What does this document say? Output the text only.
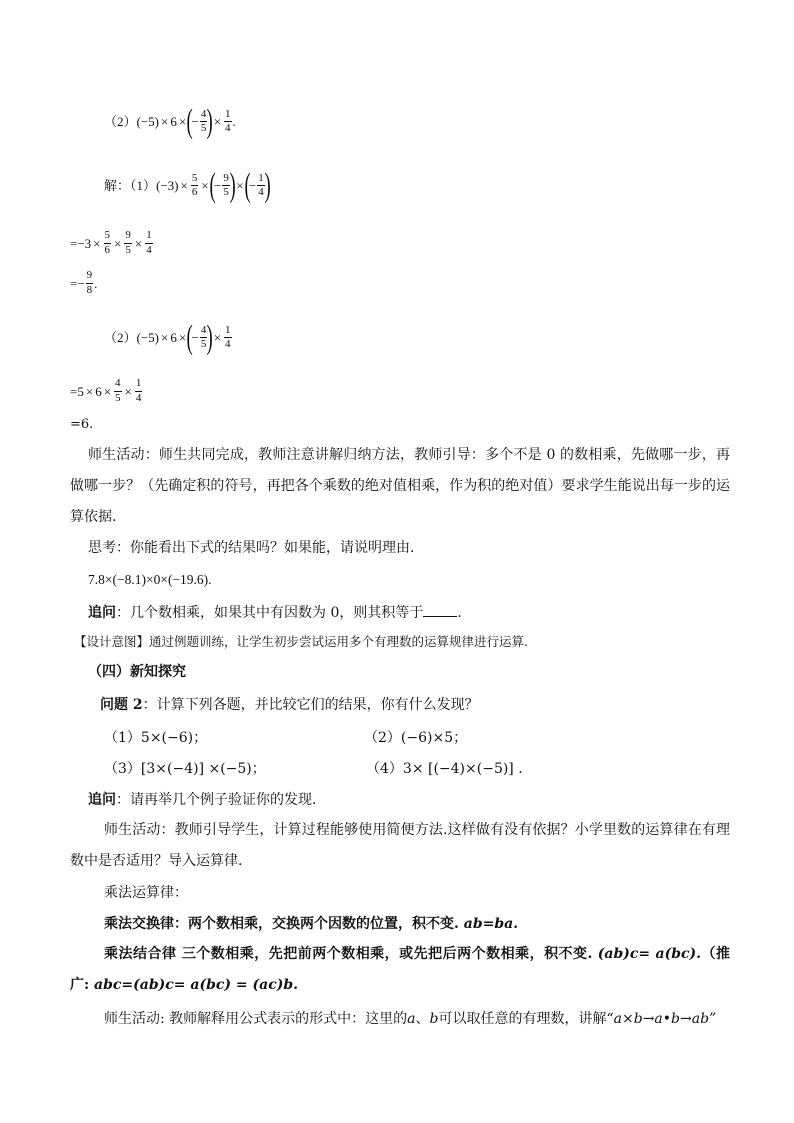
（2） (−5) × 6 × (
− $\frac{4}{5}$ ) × $\frac{1}{4}$ .
解：（1） $(-3) \times \frac{5}{6}$ × (
− $\frac{9}{5}$ ) × (
− $\frac{1}{4}$ )
$=-3 \times \frac{5}{6} \times \frac{9}{5} \times \frac{1}{4}$
=− $\frac{9}{8}$ .
（2） (−5) × 6 × (
− $\frac{4}{5}$ ) × $\frac{1}{4}$
$=5 \times 6 \times \frac{4}{5} \times \frac{1}{4}$
=6.
师生活动：师生共同完成，教师注意讲解归纳方法，教师引导：多个不是 0 的数相乘，先做哪一步，再做哪一步？（先确定积的符号，再把各个乘数的绝对值相乘，作为积的绝对值）要求学生能说出每一步的运算依据.
思考：你能看出下式的结果吗？如果能，请说明理由.
7.8×(−8.1)×0×(−19.6).
追问：几个数相乘，如果其中有因数为 0，则其积等于 .
【设计意图】通过例题训练，让学生初步尝试运用多个有理数的运算规律进行运算.
（四）新知探究
问题 2：计算下列各题，并比较它们的结果，你有什么发现？
（1）5×(−6)；	（2）(−6)×5；
（3）[3×(−4)] ×(−5)；	（4）3× [(−4)×(−5)] .
追问：请再举几个例子验证你的发现．
师生活动：教师引导学生，计算过程能够使用简便方法.这样做有没有依据？小学里数的运算律在有理数中是否适用？导入运算律.
乘法运算律：
乘法交换律：两个数相乘，交换两个因数的位置，积不变. ab=ba.
乘法结合律 三个数相乘，先把前两个数相乘，或先把后两个数相乘，积不变. (ab)c= a(bc).（推广: abc=(ab)c= a(bc) = (ac)b.
师生活动: 教师解释用公式表示的形式中：这里的a、b可以取任意的有理数，讲解“a×b→a•b→ab”
